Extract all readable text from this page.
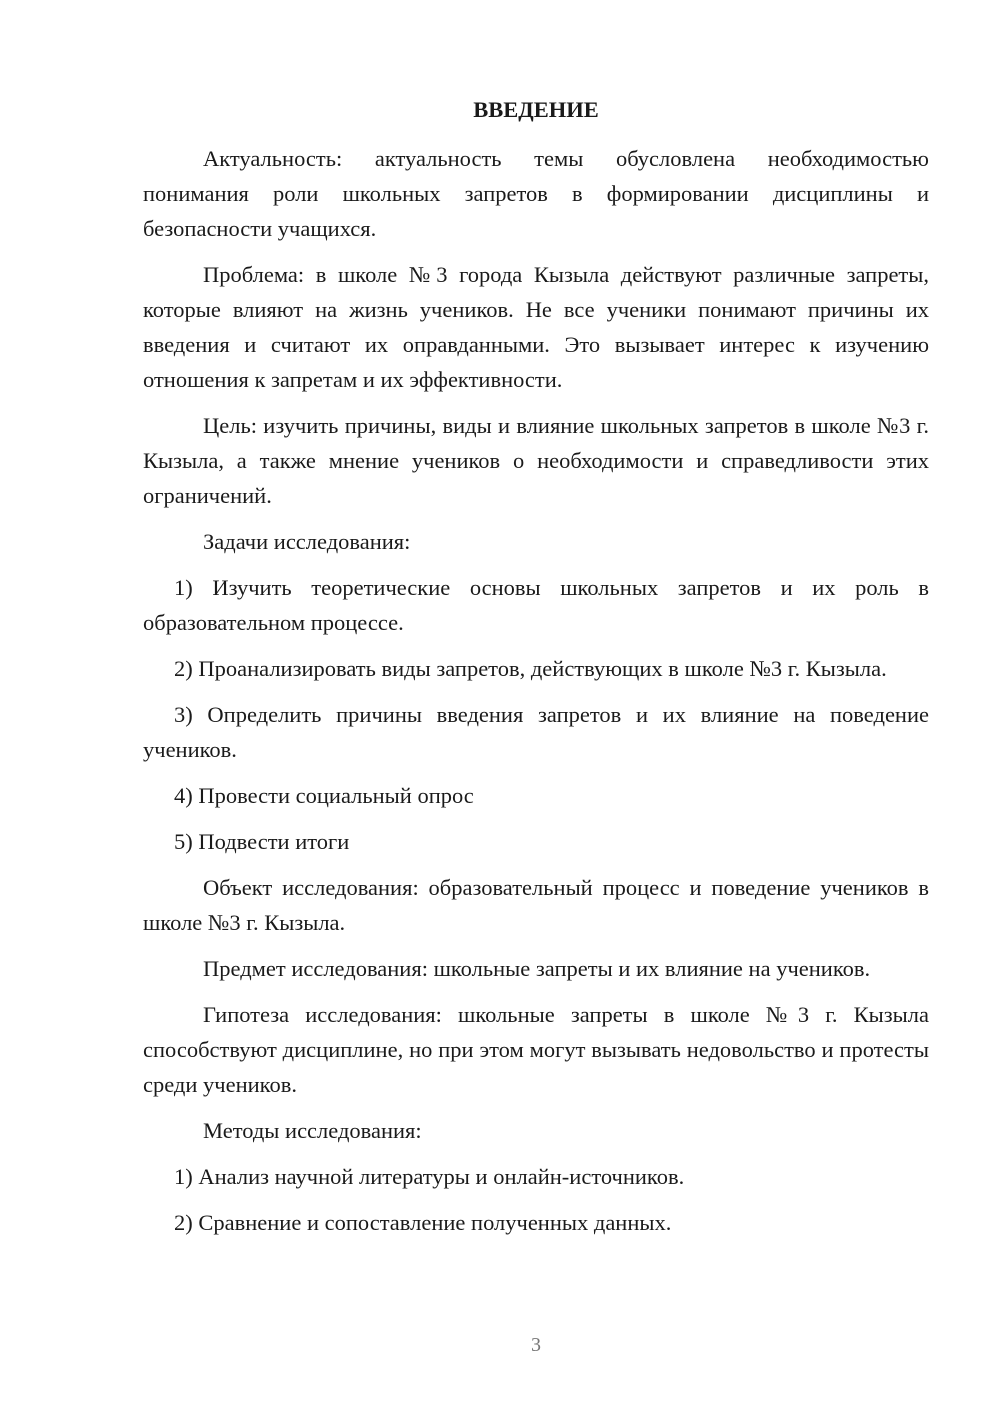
ВВЕДЕНИЕ

Актуальность: актуальность темы обусловлена необходимостью понимания роли школьных запретов в формировании дисциплины и безопасности учащихся.

Проблема: в школе №3 города Кызыла действуют различные запреты, которые влияют на жизнь учеников. Не все ученики понимают причины их введения и считают их оправданными. Это вызывает интерес к изучению отношения к запретам и их эффективности.

Цель: изучить причины, виды и влияние школьных запретов в школе №3 г. Кызыла, а также мнение учеников о необходимости и справедливости этих ограничений.

Задачи исследования:

1) Изучить теоретические основы школьных запретов и их роль в образовательном процессе.

2) Проанализировать виды запретов, действующих в школе №3 г. Кызыла.

3) Определить причины введения запретов и их влияние на поведение учеников.

4) Провести социальный опрос

5) Подвести итоги

Объект исследования: образовательный процесс и поведение учеников в школе №3 г. Кызыла.

Предмет исследования: школьные запреты и их влияние на учеников.

Гипотеза исследования: школьные запреты в школе №3 г. Кызыла способствуют дисциплине, но при этом могут вызывать недовольство и протесты среди учеников.

Методы исследования:

1) Анализ научной литературы и онлайн-источников.

2) Сравнение и сопоставление полученных данных.

3
